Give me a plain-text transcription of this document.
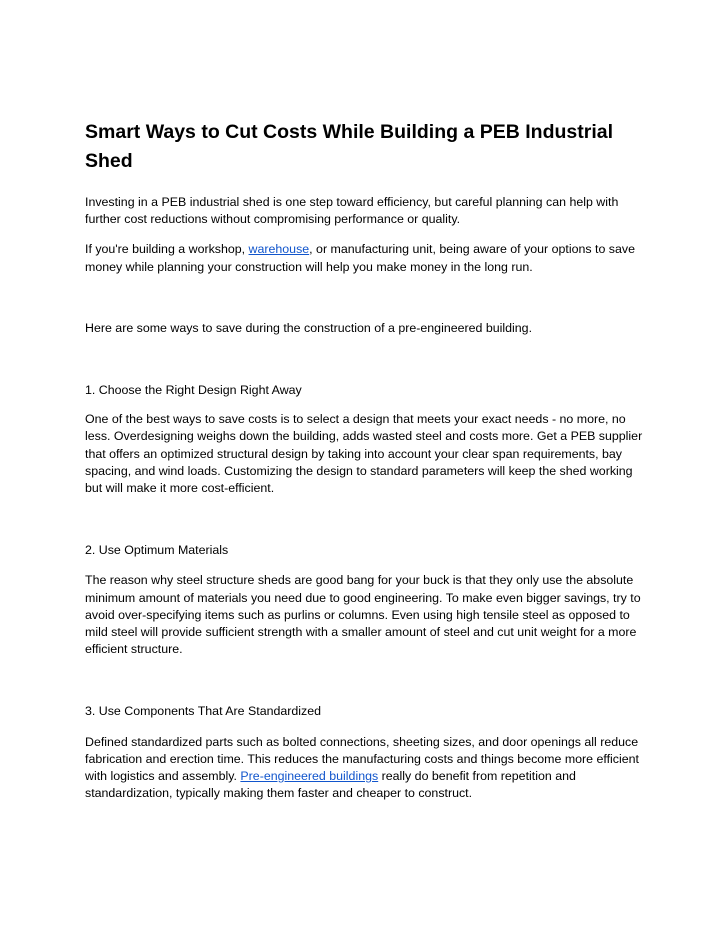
Smart Ways to Cut Costs While Building a PEB Industrial Shed

Investing in a PEB industrial shed is one step toward efficiency, but careful planning can help with further cost reductions without compromising performance or quality.

If you're building a workshop, warehouse, or manufacturing unit, being aware of your options to save money while planning your construction will help you make money in the long run.

Here are some ways to save during the construction of a pre-engineered building.

1. Choose the Right Design Right Away

One of the best ways to save costs is to select a design that meets your exact needs - no more, no less. Overdesigning weighs down the building, adds wasted steel and costs more. Get a PEB supplier that offers an optimized structural design by taking into account your clear span requirements, bay spacing, and wind loads. Customizing the design to standard parameters will keep the shed working but will make it more cost-efficient.

2. Use Optimum Materials

The reason why steel structure sheds are good bang for your buck is that they only use the absolute minimum amount of materials you need due to good engineering. To make even bigger savings, try to avoid over-specifying items such as purlins or columns. Even using high tensile steel as opposed to mild steel will provide sufficient strength with a smaller amount of steel and cut unit weight for a more efficient structure.

3. Use Components That Are Standardized

Defined standardized parts such as bolted connections, sheeting sizes, and door openings all reduce fabrication and erection time. This reduces the manufacturing costs and things become more efficient with logistics and assembly. Pre-engineered buildings really do benefit from repetition and standardization, typically making them faster and cheaper to construct.
